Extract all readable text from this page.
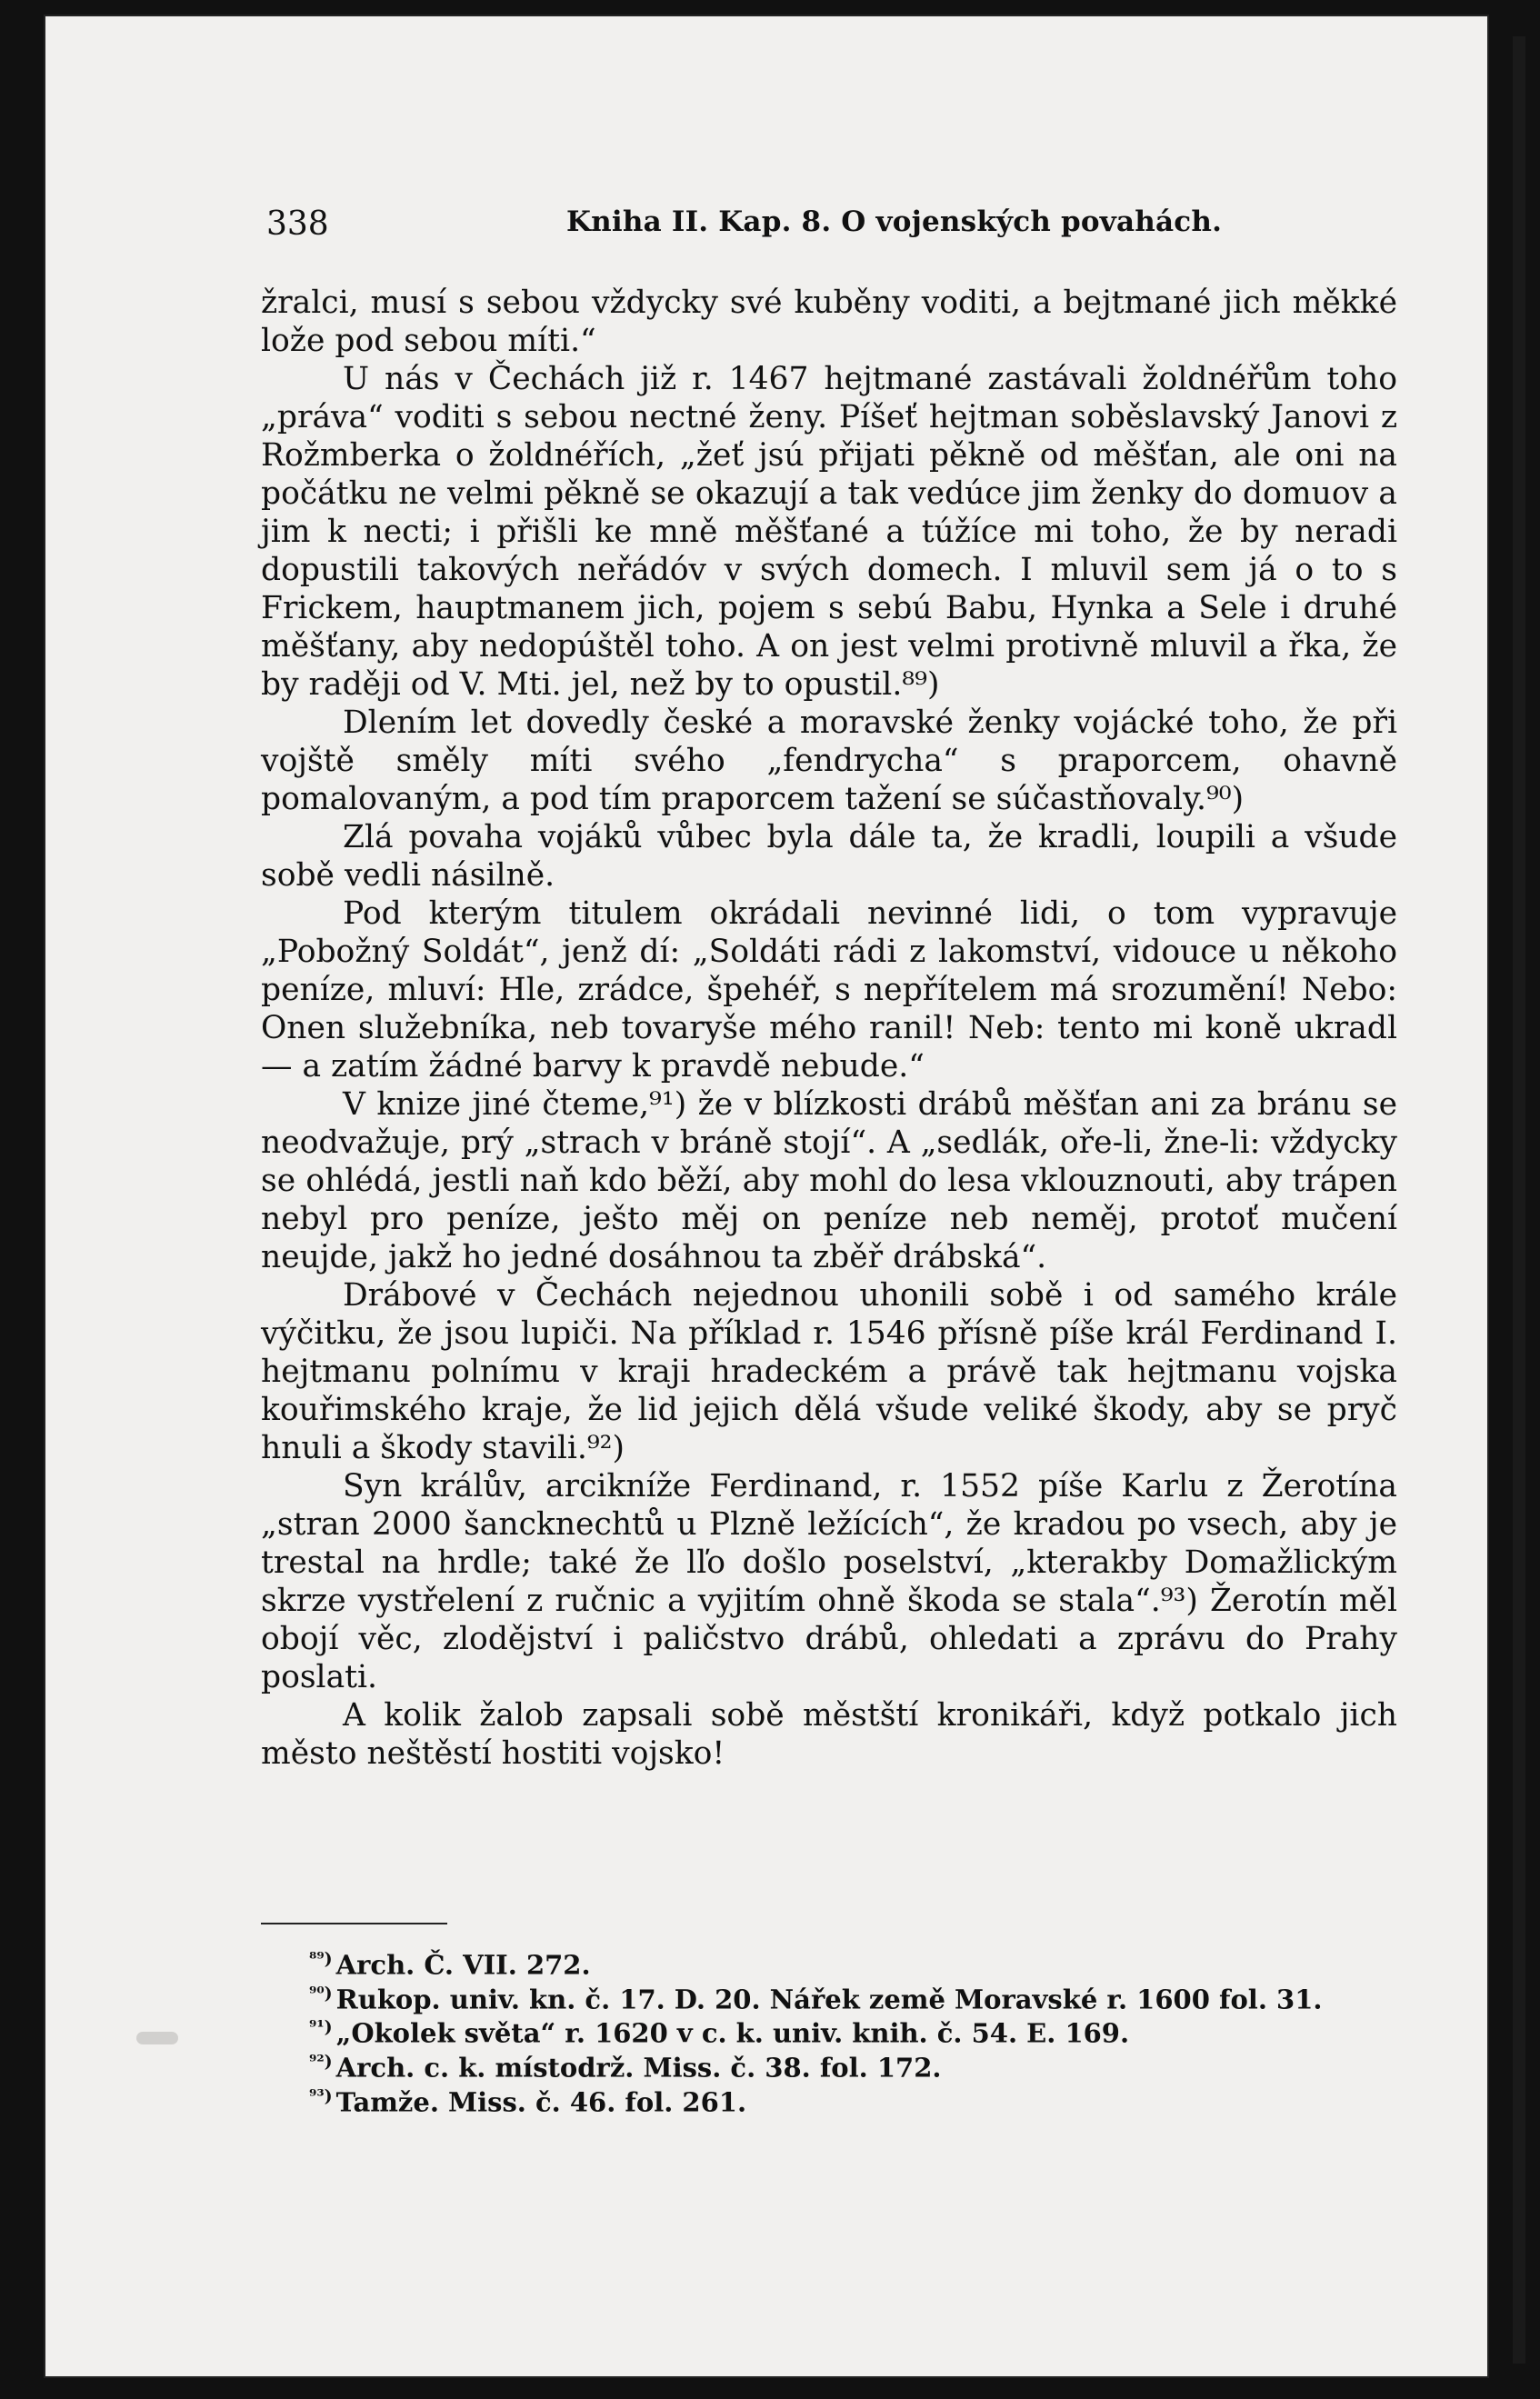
338	Kniha II. Kap. 8. O vojenských povahách.

žralci, musí s sebou vždycky své kuběny voditi, a bejtmané jich měkké lože pod sebou míti.“

U nás v Čechách již r. 1467 hejtmané zastávali žoldnéřům toho „práva“ voditi s sebou nectné ženy. Píšeť hejtman soběslavský Janovi z Rožmberka o žoldnéřích, „žeť jsú přijati pěkně od měšťan, ale oni na počátku ne velmi pěkně se okazují a tak vedúce jim ženky do domuov a jim k necti; i přišli ke mně měšťané a túžíce mi toho, že by neradi dopustili takových neřádóv v svých domech. I mluvil sem já o to s Frickem, hauptmanem jich, pojem s sebú Babu, Hynka a Sele i druhé měšťany, aby nedopúštěl toho. A on jest velmi protivně mluvil a řka, že by raději od V. Mti. jel, než by to opustil.⁸⁹)

Dlením let dovedly české a moravské ženky vojácké toho, že při vojště směly míti svého „fendrycha“ s praporcem, ohavně pomalovaným, a pod tím praporcem tažení se súčastňovaly.⁹⁰)

Zlá povaha vojáků vůbec byla dále ta, že kradli, loupili a všude sobě vedli násilně.

Pod kterým titulem okrádali nevinné lidi, o tom vypravuje „Pobožný Soldát“, jenž dí: „Soldáti rádi z lakomství, vidouce u někoho peníze, mluví: Hle, zrádce, špehéř, s nepřítelem má srozumění! Nebo: Onen služebníka, neb tovaryše mého ranil! Neb: tento mi koně ukradl — a zatím žádné barvy k pravdě nebude.“

V knize jiné čteme,⁹¹) že v blízkosti drábů měšťan ani za bránu se neodvažuje, prý „strach v bráně stojí“. A „sedlák, oře-li, žne-li: vždycky se ohlédá, jestli naň kdo běží, aby mohl do lesa vklouznouti, aby trápen nebyl pro peníze, ješto měj on peníze neb neměj, protoť mučení neujde, jakž ho jedné dosáhnou ta zběř drábská“.

Drábové v Čechách nejednou uhonili sobě i od samého krále výčitku, že jsou lupiči. Na příklad r. 1546 přísně píše král Ferdinand I. hejtmanu polnímu v kraji hradeckém a právě tak hejtmanu vojska kouřimského kraje, že lid jejich dělá všude veliké škody, aby se pryč hnuli a škody stavili.⁹²)

Syn králův, arcikníže Ferdinand, r. 1552 píše Karlu z Žerotína „stran 2000 šancknechtů u Plzně ležících“, že kradou po vsech, aby je trestal na hrdle; také že lľo došlo poselství, „kterakby Domažlickým skrze vystřelení z ručnic a vyjitím ohně škoda se stala“.⁹³) Žerotín měl obojí věc, zlodějství i paličstvo drábů, ohledati a zprávu do Prahy poslati.

A kolik žalob zapsali sobě městští kronikáři, když potkalo jich město neštěstí hostiti vojsko!

$^{^{89})}$ Arch. Č. VII. 272.
$^{^{90})}$ Rukop. univ. kn. č. 17. D. 20. Nářek země Moravské r. 1600 fol. 31.
$^{^{91})}$ „Okolek světa“ r. 1620 v c. k. univ. knih. č. 54. E. 169.
$^{^{92})}$ Arch. c. k. místodrž. Miss. č. 38. fol. 172.
$^{^{93})}$ Tamže. Miss. č. 46. fol. 261.
